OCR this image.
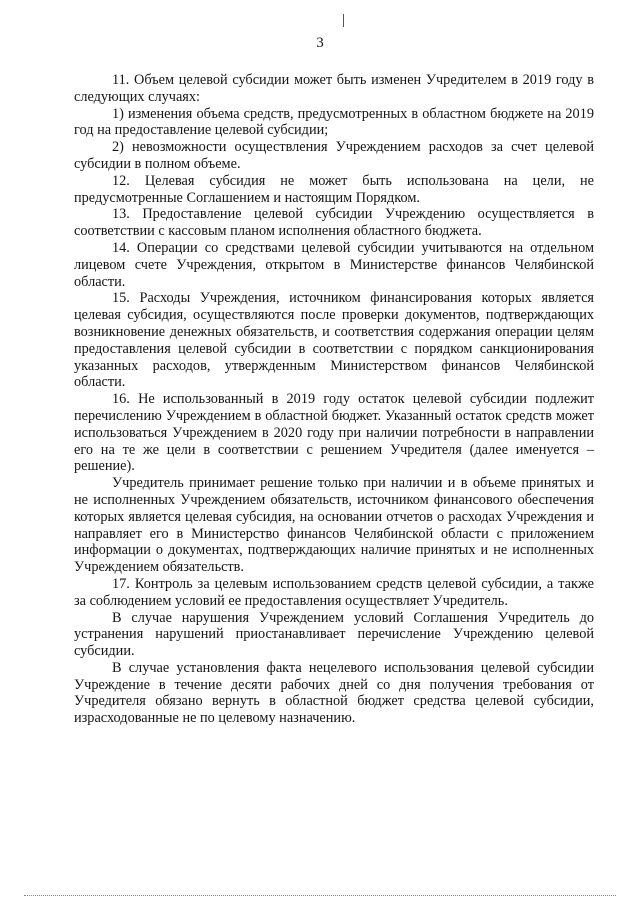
3

11. Объем целевой субсидии может быть изменен Учредителем в 2019 году в следующих случаях:

1) изменения объема средств, предусмотренных в областном бюджете на 2019 год на предоставление целевой субсидии;

2) невозможности осуществления Учреждением расходов за счет целевой субсидии в полном объеме.

12. Целевая субсидия не может быть использована на цели, не предусмотренные Соглашением и настоящим Порядком.

13. Предоставление целевой субсидии Учреждению осуществляется в соответствии с кассовым планом исполнения областного бюджета.

14. Операции со средствами целевой субсидии учитываются на отдельном лицевом счете Учреждения, открытом в Министерстве финансов Челябинской области.

15. Расходы Учреждения, источником финансирования которых является целевая субсидия, осуществляются после проверки документов, подтверждающих возникновение денежных обязательств, и соответствия содержания операции целям предоставления целевой субсидии в соответствии с порядком санкционирования указанных расходов, утвержденным Министерством финансов Челябинской области.

16. Не использованный в 2019 году остаток целевой субсидии подлежит перечислению Учреждением в областной бюджет. Указанный остаток средств может использоваться Учреждением в 2020 году при наличии потребности в направлении его на те же цели в соответствии с решением Учредителя (далее именуется – решение).

Учредитель принимает решение только при наличии и в объеме принятых и не исполненных Учреждением обязательств, источником финансового обеспечения которых является целевая субсидия, на основании отчетов о расходах Учреждения и направляет его в Министерство финансов Челябинской области с приложением информации о документах, подтверждающих наличие принятых и не исполненных Учреждением обязательств.

17. Контроль за целевым использованием средств целевой субсидии, а также за соблюдением условий ее предоставления осуществляет Учредитель.

В случае нарушения Учреждением условий Соглашения Учредитель до устранения нарушений приостанавливает перечисление Учреждению целевой субсидии.

В случае установления факта нецелевого использования целевой субсидии Учреждение в течение десяти рабочих дней со дня получения требования от Учредителя обязано вернуть в областной бюджет средства целевой субсидии, израсходованные не по целевому назначению.
